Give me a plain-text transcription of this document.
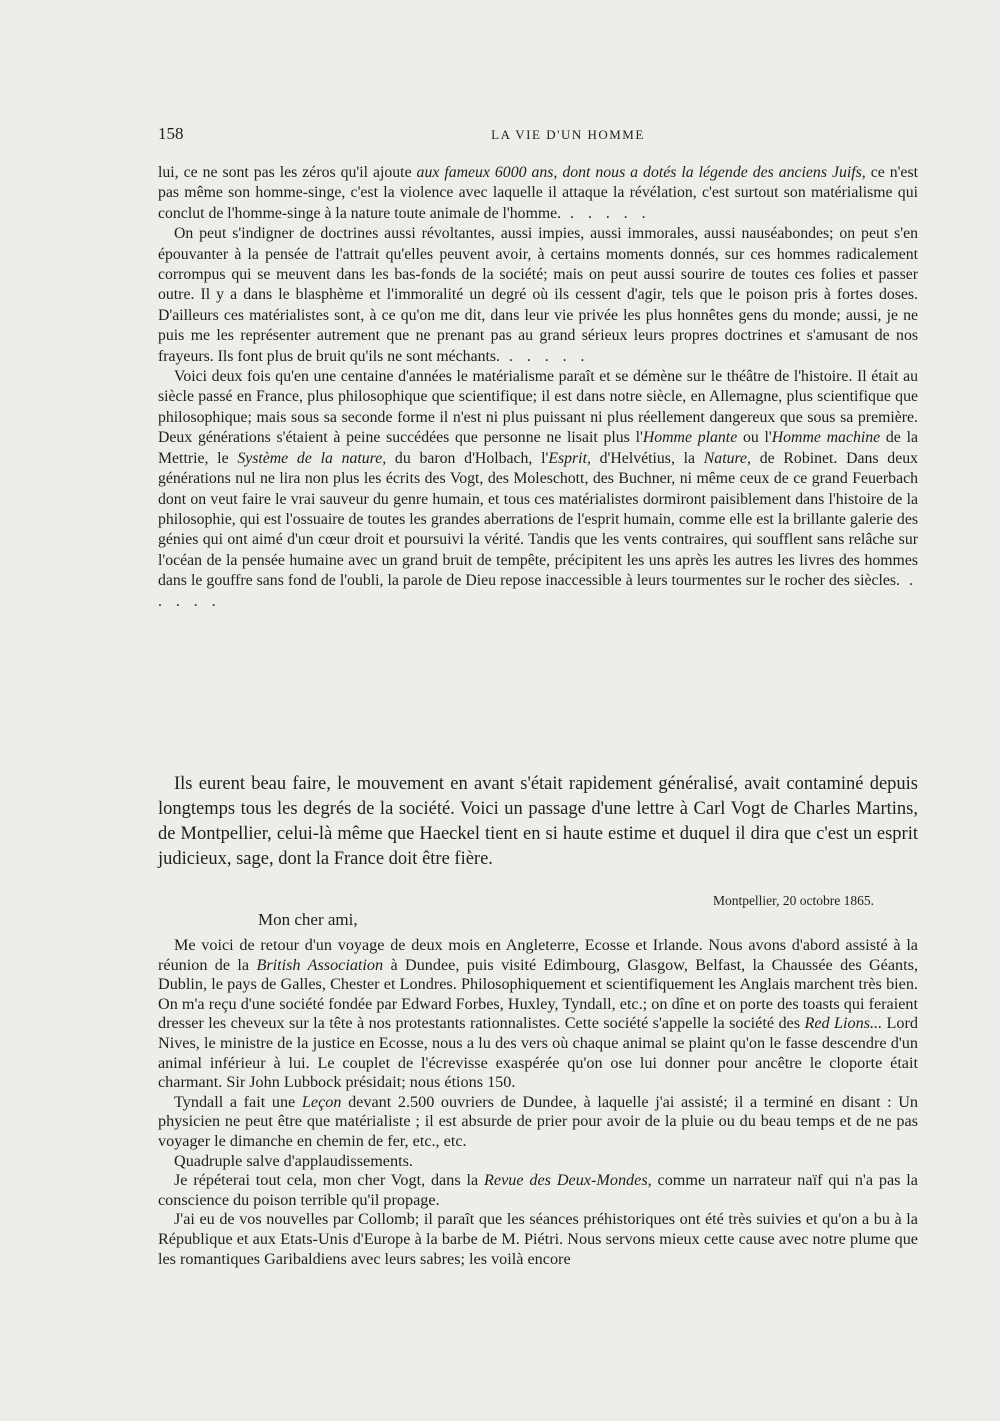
158	LA VIE D'UN HOMME

lui, ce ne sont pas les zéros qu'il ajoute aux fameux 6000 ans, dont nous a dotés la légende des anciens Juifs, ce n'est pas même son homme-singe, c'est la violence avec laquelle il attaque la révélation, c'est surtout son matérialisme qui conclut de l'homme-singe à la nature toute animale de l'homme. . . . . .

On peut s'indigner de doctrines aussi révoltantes, aussi impies, aussi immorales, aussi nauséabondes; on peut s'en épouvanter à la pensée de l'attrait qu'elles peuvent avoir, à certains moments donnés, sur ces hommes radicalement corrompus qui se meuvent dans les bas-fonds de la société; mais on peut aussi sourire de toutes ces folies et passer outre. Il y a dans le blasphème et l'immoralité un degré où ils cessent d'agir, tels que le poison pris à fortes doses. D'ailleurs ces matérialistes sont, à ce qu'on me dit, dans leur vie privée les plus honnêtes gens du monde; aussi, je ne puis me les représenter autrement que ne prenant pas au grand sérieux leurs propres doctrines et s'amusant de nos frayeurs. Ils font plus de bruit qu'ils ne sont méchants. . . . . .

Voici deux fois qu'en une centaine d'années le matérialisme paraît et se démène sur le théâtre de l'histoire. Il était au siècle passé en France, plus philosophique que scientifique; il est dans notre siècle, en Allemagne, plus scientifique que philosophique; mais sous sa seconde forme il n'est ni plus puissant ni plus réellement dangereux que sous sa première. Deux générations s'étaient à peine succédées que personne ne lisait plus l'Homme plante ou l'Homme machine de la Mettrie, le Système de la nature, du baron d'Holbach, l'Esprit, d'Helvétius, la Nature, de Robinet. Dans deux générations nul ne lira non plus les écrits des Vogt, des Moleschott, des Buchner, ni même ceux de ce grand Feuerbach dont on veut faire le vrai sauveur du genre humain, et tous ces matérialistes dormiront paisiblement dans l'histoire de la philosophie, qui est l'ossuaire de toutes les grandes aberrations de l'esprit humain, comme elle est la brillante galerie des génies qui ont aimé d'un cœur droit et poursuivi la vérité. Tandis que les vents contraires, qui soufflent sans relâche sur l'océan de la pensée humaine avec un grand bruit de tempête, précipitent les uns après les autres les livres des hommes dans le gouffre sans fond de l'oubli, la parole de Dieu repose inaccessible à leurs tourmentes sur le rocher des siècles. . . . . .

Ils eurent beau faire, le mouvement en avant s'était rapidement généralisé, avait contaminé depuis longtemps tous les degrés de la société. Voici un passage d'une lettre à Carl Vogt de Charles Martins, de Montpellier, celui-là même que Haeckel tient en si haute estime et duquel il dira que c'est un esprit judicieux, sage, dont la France doit être fière.

Montpellier, 20 octobre 1865.
Mon cher ami,

Me voici de retour d'un voyage de deux mois en Angleterre, Ecosse et Irlande. Nous avons d'abord assisté à la réunion de la British Association à Dundee, puis visité Edimbourg, Glasgow, Belfast, la Chaussée des Géants, Dublin, le pays de Galles, Chester et Londres. Philosophiquement et scientifiquement les Anglais marchent très bien. On m'a reçu d'une société fondée par Edward Forbes, Huxley, Tyndall, etc.; on dîne et on porte des toasts qui feraient dresser les cheveux sur la tête à nos protestants rationnalistes. Cette société s'appelle la société des Red Lions... Lord Nives, le ministre de la justice en Ecosse, nous a lu des vers où chaque animal se plaint qu'on le fasse descendre d'un animal inférieur à lui. Le couplet de l'écrevisse exaspérée qu'on ose lui donner pour ancêtre le cloporte était charmant. Sir John Lubbock présidait; nous étions 150.

Tyndall a fait une Leçon devant 2.500 ouvriers de Dundee, à laquelle j'ai assisté; il a terminé en disant : Un physicien ne peut être que matérialiste ; il est absurde de prier pour avoir de la pluie ou du beau temps et de ne pas voyager le dimanche en chemin de fer, etc., etc.

Quadruple salve d'applaudissements.

Je répéterai tout cela, mon cher Vogt, dans la Revue des Deux-Mondes, comme un narrateur naïf qui n'a pas la conscience du poison terrible qu'il propage.

J'ai eu de vos nouvelles par Collomb; il paraît que les séances préhistoriques ont été très suivies et qu'on a bu à la République et aux Etats-Unis d'Europe à la barbe de M. Piétri. Nous servons mieux cette cause avec notre plume que les romantiques Garibaldiens avec leurs sabres; les voilà encore
